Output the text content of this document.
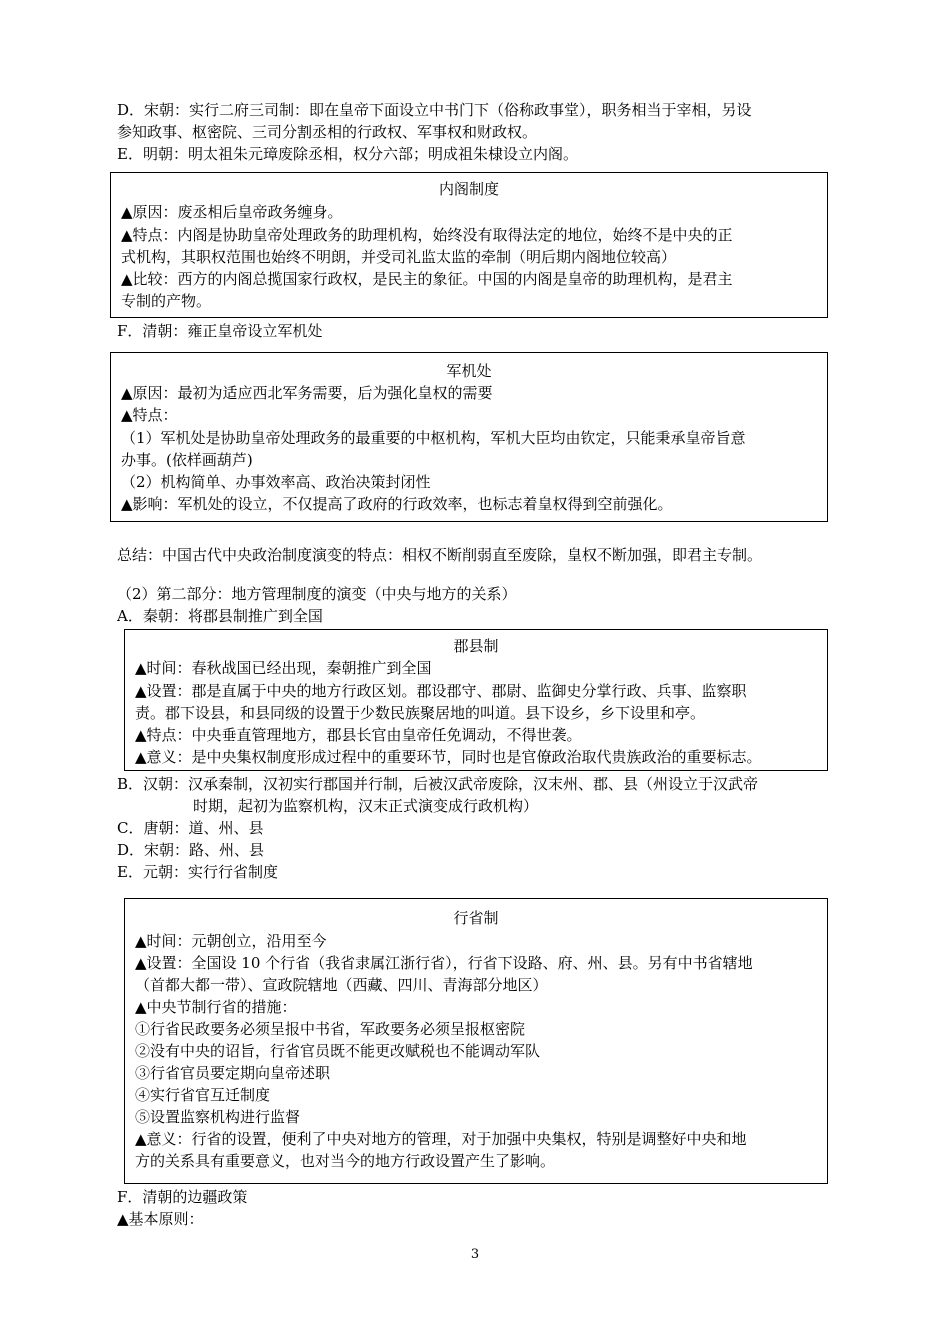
D．宋朝：实行二府三司制：即在皇帝下面设立中书门下（俗称政事堂），职务相当于宰相，另设
参知政事、枢密院、三司分割丞相的行政权、军事权和财政权。
E．明朝：明太祖朱元璋废除丞相，权分六部；明成祖朱棣设立内阁。
内阁制度
▲原因：废丞相后皇帝政务缠身。
▲特点：内阁是协助皇帝处理政务的助理机构，始终没有取得法定的地位，始终不是中央的正
式机构，其职权范围也始终不明朗，并受司礼监太监的牵制（明后期内阁地位较高）
▲比较：西方的内阁总揽国家行政权，是民主的象征。中国的内阁是皇帝的助理机构，是君主
专制的产物。
F．清朝：雍正皇帝设立军机处
军机处
▲原因：最初为适应西北军务需要，后为强化皇权的需要
▲特点：
（1）军机处是协助皇帝处理政务的最重要的中枢机构，军机大臣均由钦定，只能秉承皇帝旨意
办事。(依样画葫芦)
（2）机构简单、办事效率高、政治决策封闭性
▲影响：军机处的设立，不仅提高了政府的行政效率，也标志着皇权得到空前强化。
总结：中国古代中央政治制度演变的特点：相权不断削弱直至废除，皇权不断加强，即君主专制。
（2）第二部分：地方管理制度的演变（中央与地方的关系）
A．秦朝：将郡县制推广到全国
郡县制
▲时间：春秋战国已经出现，秦朝推广到全国
▲设置：郡是直属于中央的地方行政区划。郡设郡守、郡尉、监御史分掌行政、兵事、监察职
责。郡下设县，和县同级的设置于少数民族聚居地的叫道。县下设乡，乡下设里和亭。
▲特点：中央垂直管理地方，郡县长官由皇帝任免调动，不得世袭。
▲意义：是中央集权制度形成过程中的重要环节，同时也是官僚政治取代贵族政治的重要标志。
B．汉朝：汉承秦制，汉初实行郡国并行制，后被汉武帝废除，汉末州、郡、县（州设立于汉武帝
时期，起初为监察机构，汉末正式演变成行政机构）
C．唐朝：道、州、县
D．宋朝：路、州、县
E．元朝：实行行省制度
行省制
▲时间：元朝创立，沿用至今
▲设置：全国设 10 个行省（我省隶属江浙行省），行省下设路、府、州、县。另有中书省辖地
（首都大都一带）、宣政院辖地（西藏、四川、青海部分地区）
▲中央节制行省的措施：
①行省民政要务必须呈报中书省，军政要务必须呈报枢密院
②没有中央的诏旨，行省官员既不能更改赋税也不能调动军队
③行省官员要定期向皇帝述职
④实行省官互迁制度
⑤设置监察机构进行监督
▲意义：行省的设置，便利了中央对地方的管理，对于加强中央集权，特别是调整好中央和地
方的关系具有重要意义，也对当今的地方行政设置产生了影响。
F．清朝的边疆政策
▲基本原则：
3
